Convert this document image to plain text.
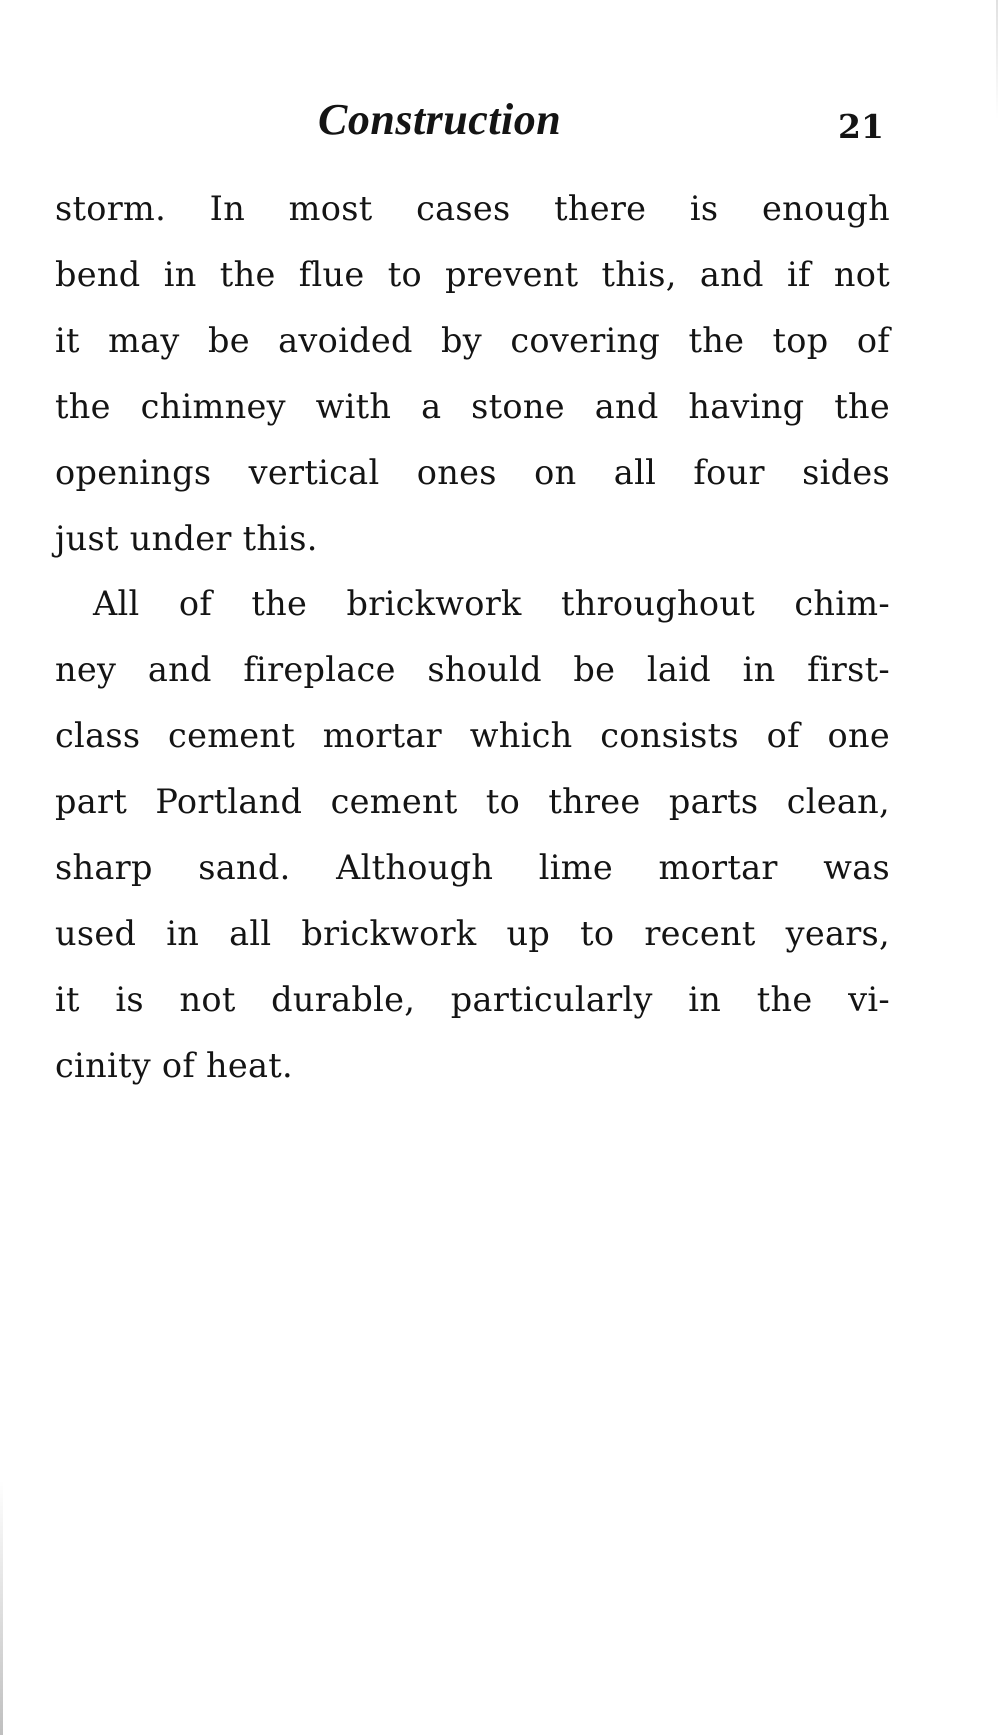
Construction	21
storm. In most cases there is enough
bend in the flue to prevent this, and if not
it may be avoided by covering the top of
the chimney with a stone and having the
openings vertical ones on all four sides
just under this.
All of the brickwork throughout chim-
ney and fireplace should be laid in first-
class cement mortar which consists of one
part Portland cement to three parts clean,
sharp sand. Although lime mortar was
used in all brickwork up to recent years,
it is not durable, particularly in the vi-
cinity of heat.
